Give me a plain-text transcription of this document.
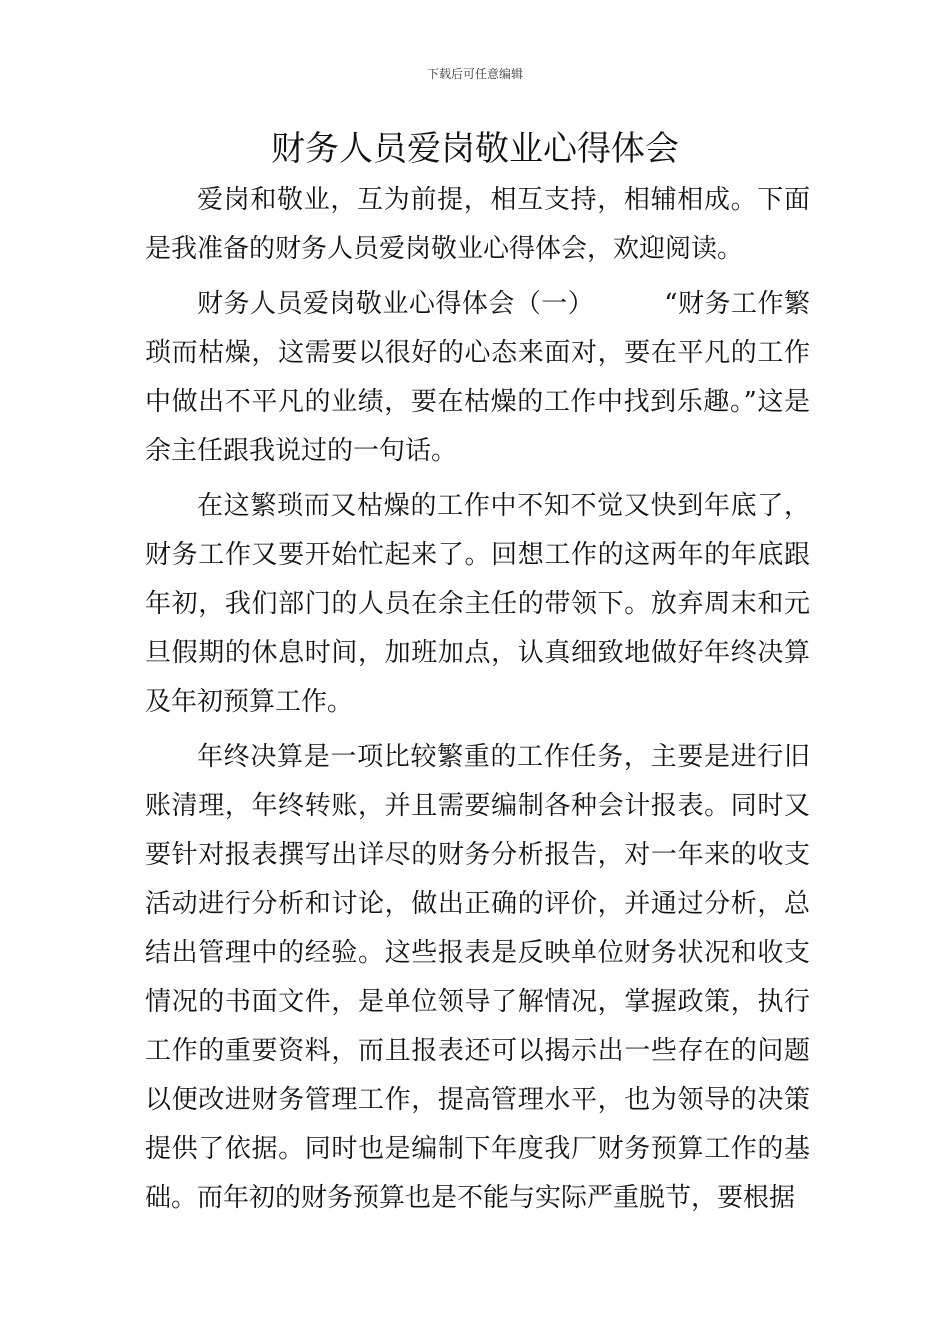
下载后可任意编辑
财务人员爱岗敬业心得体会

爱岗和敬业，互为前提，相互支持，相辅相成。下面是我准备的财务人员爱岗敬业心得体会，欢迎阅读。

财务人员爱岗敬业心得体会（一）        “财务工作繁琐而枯燥，这需要以很好的心态来面对，要在平凡的工作中做出不平凡的业绩，要在枯燥的工作中找到乐趣。”这是余主任跟我说过的一句话。

在这繁琐而又枯燥的工作中不知不觉又快到年底了，财务工作又要开始忙起来了。回想工作的这两年的年底跟年初，我们部门的人员在余主任的带领下。放弃周末和元旦假期的休息时间，加班加点，认真细致地做好年终决算及年初预算工作。

年终决算是一项比较繁重的工作任务，主要是进行旧账清理，年终转账，并且需要编制各种会计报表。同时又要针对报表撰写出详尽的财务分析报告，对一年来的收支活动进行分析和讨论，做出正确的评价，并通过分析，总结出管理中的经验。这些报表是反映单位财务状况和收支情况的书面文件，是单位领导了解情况，掌握政策，执行工作的重要资料，而且报表还可以揭示出一些存在的问题以便改进财务管理工作，提高管理水平，也为领导的决策提供了依据。同时也是编制下年度我厂财务预算工作的基础。而年初的财务预算也是不能与实际严重脱节，要根据
